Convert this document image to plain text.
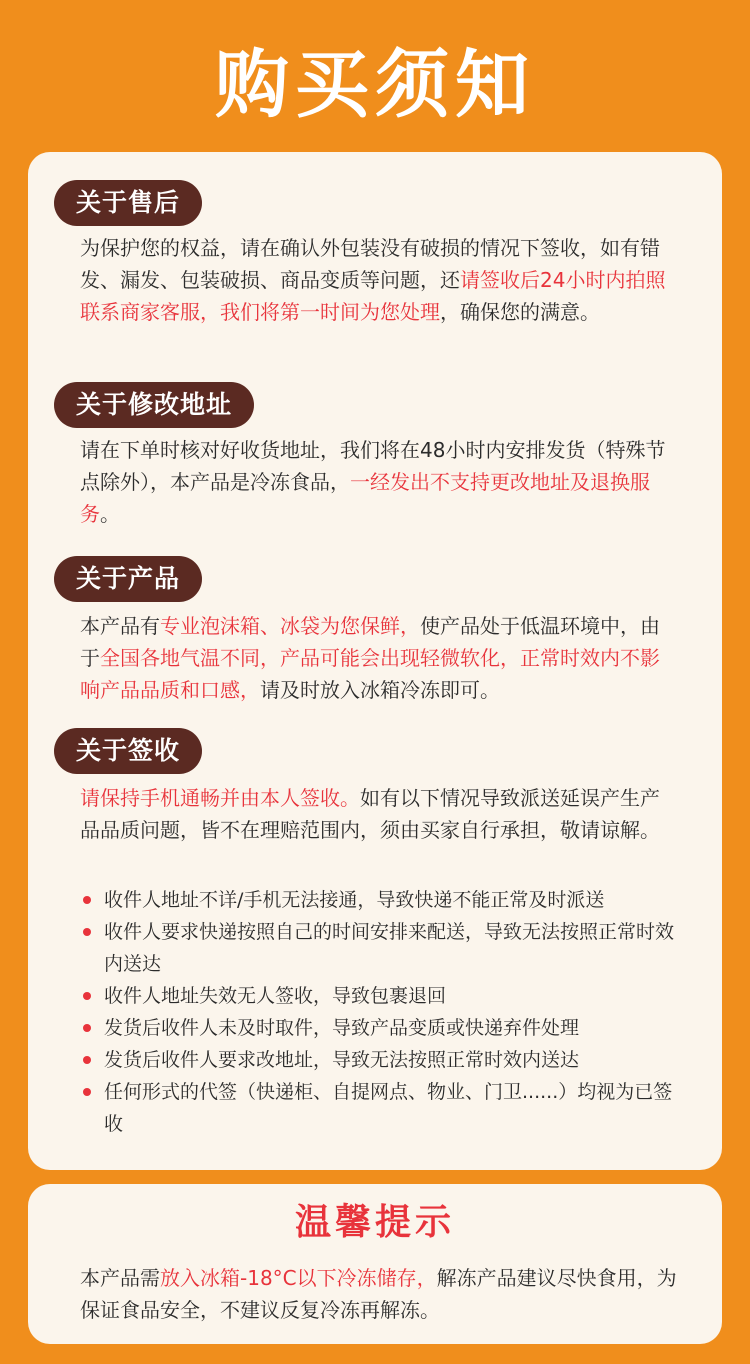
购买须知
关于售后

为保护您的权益，请在确认外包装没有破损的情况下签收，如有错发、漏发、包装破损、商品变质等问题，还请签收后24小时内拍照联系商家客服，我们将第一时间为您处理，确保您的满意。

关于修改地址

请在下单时核对好收货地址，我们将在48小时内安排发货（特殊节点除外），本产品是冷冻食品，一经发出不支持更改地址及退换服务。

关于产品

本产品有专业泡沫箱、冰袋为您保鲜，使产品处于低温环境中，由于全国各地气温不同，产品可能会出现轻微软化，正常时效内不影响产品品质和口感，请及时放入冰箱冷冻即可。

关于签收

请保持手机通畅并由本人签收。如有以下情况导致派送延误产生产品品质问题，皆不在理赔范围内，须由买家自行承担，敬请谅解。

收件人地址不详/手机无法接通，导致快递不能正常及时派送
收件人要求快递按照自己的时间安排来配送，导致无法按照正常时效内送达
收件人地址失效无人签收，导致包裹退回
发货后收件人未及时取件，导致产品变质或快递弃件处理
发货后收件人要求改地址，导致无法按照正常时效内送达
任何形式的代签（快递柜、自提网点、物业、门卫......）均视为已签收
温馨提示

本产品需放入冰箱-18°C以下冷冻储存，解冻产品建议尽快食用，为保证食品安全，不建议反复冷冻再解冻。
